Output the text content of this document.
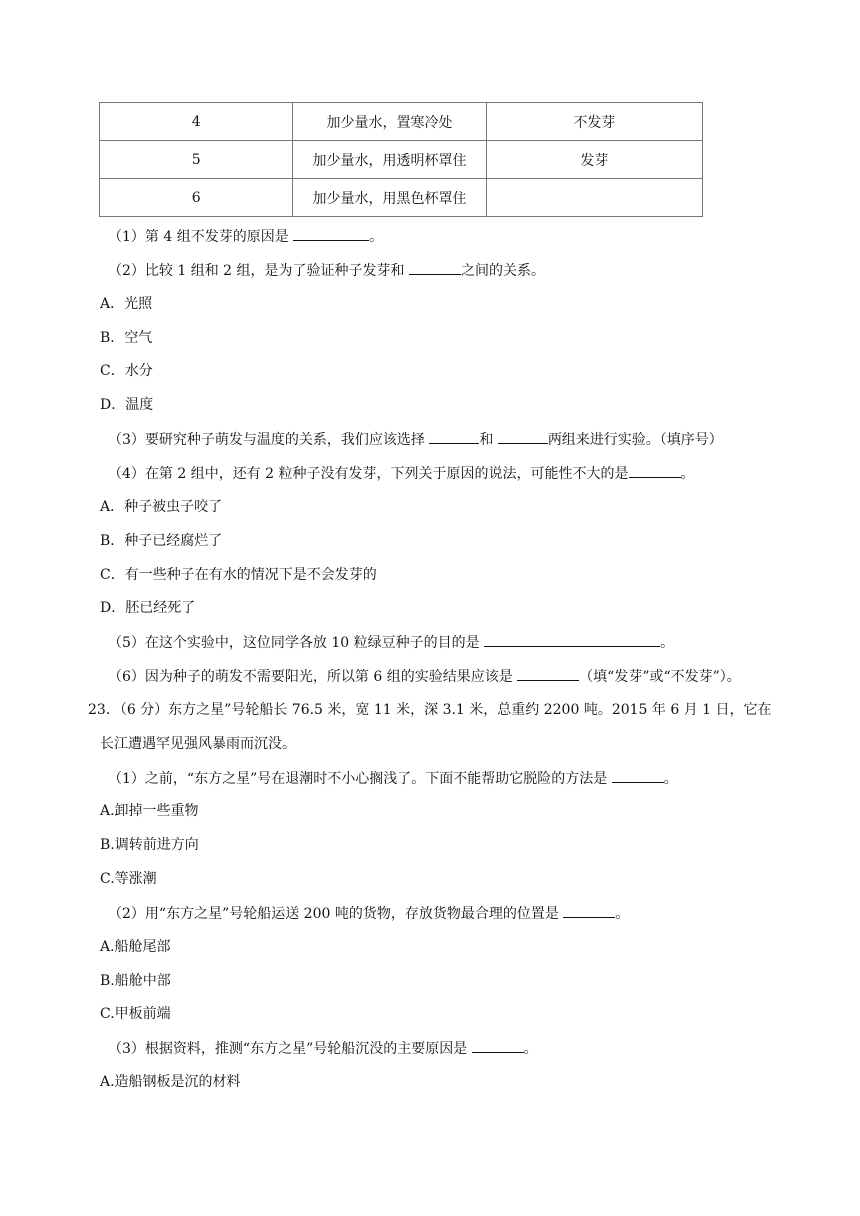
4	加少量水，置寒冷处	不发芽
5	加少量水，用透明杯罩住	发芽
6	加少量水，用黑色杯罩住	
（1）第 4 组不发芽的原因是	。
（2）比较 1 组和 2 组，是为了验证种子发芽和	之间的关系。
A．光照
B．空气
C．水分
D．温度
（3）要研究种子萌发与温度的关系，我们应该选择	和	两组来进行实验。（填序号）
（4）在第 2 组中，还有 2 粒种子没有发芽，下列关于原因的说法，可能性不大的是	。
A．种子被虫子咬了
B．种子已经腐烂了
C．有一些种子在有水的情况下是不会发芽的
D．胚已经死了
（5）在这个实验中，这位同学各放 10 粒绿豆种子的目的是	。
（6）因为种子的萌发不需要阳光，所以第 6 组的实验结果应该是	（填“发芽”或“不发芽”）。
23．（6 分）东方之星”号轮船长 76.5 米，宽 11 米，深 3.1 米，总重约 2200 吨。2015 年 6 月 1 日，它在
长江遭遇罕见强风暴雨而沉没。
（1）之前，“东方之星”号在退潮时不小心搁浅了。下面不能帮助它脱险的方法是	。
A.卸掉一些重物
B.调转前进方向
C.等涨潮
（2）用“东方之星”号轮船运送 200 吨的货物，存放货物最合理的位置是	。
A.船舱尾部
B.船舱中部
C.甲板前端
（3）根据资料，推测“东方之星”号轮船沉没的主要原因是	。
A.造船钢板是沉的材料
